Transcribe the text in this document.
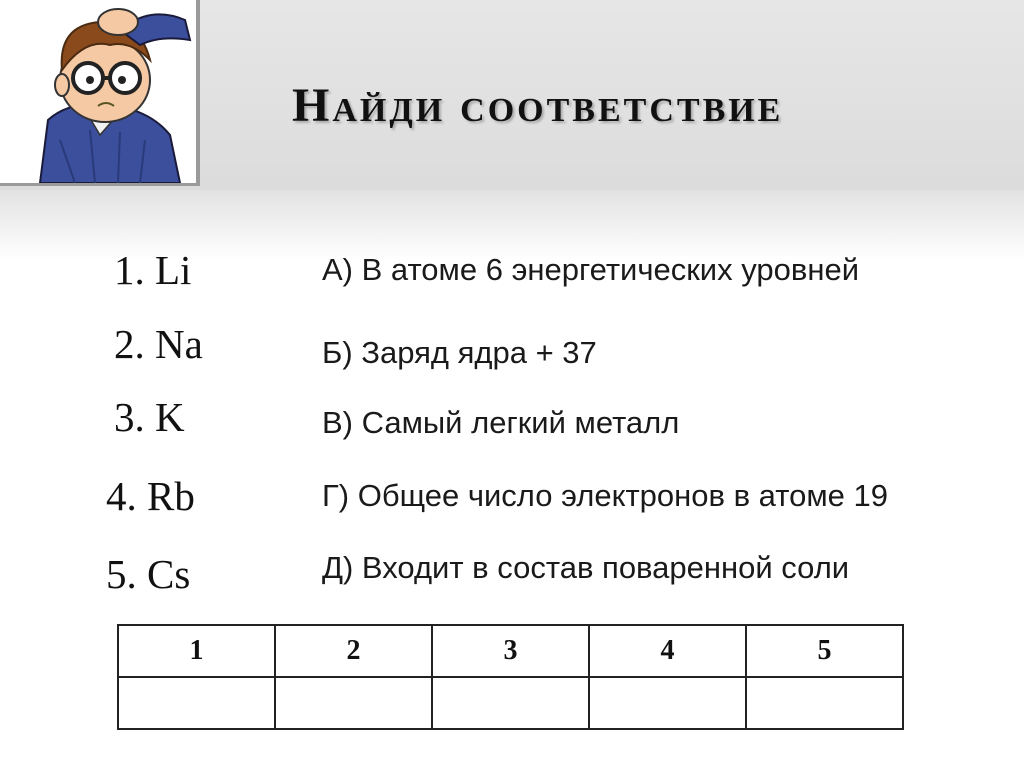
Найди соответствие
1. Li
2. Na
3. K
4. Rb
5. Cs
А) В атоме 6 энергетических уровней
Б) Заряд ядра + 37
В) Самый легкий металл
Г) Общее число электронов в атоме 19
Д) Входит в состав поваренной соли
1	2	3	4	5
